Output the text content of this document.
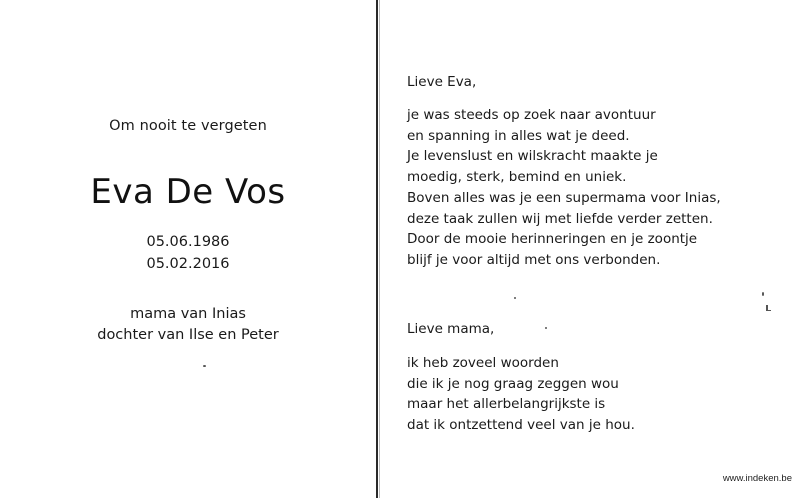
Om nooit te vergeten
Eva De Vos
05.06.1986
05.02.2016
mama van Inias
dochter van Ilse en Peter
Lieve Eva,
je was steeds op zoek naar avontuur
en spanning in alles wat je deed.
Je levenslust en wilskracht maakte je
moedig, sterk, bemind en uniek.
Boven alles was je een supermama voor Inias,
deze taak zullen wij met liefde verder zetten.
Door de mooie herinneringen en je zoontje
blijf je voor altijd met ons verbonden.
Lieve mama,
ik heb zoveel woorden
die ik je nog graag zeggen wou
maar het allerbelangrijkste is
dat ik ontzettend veel van je hou.
www.indeken.be
